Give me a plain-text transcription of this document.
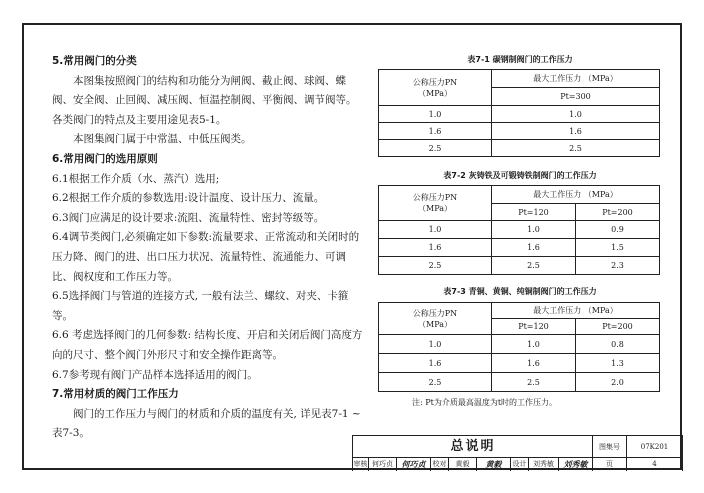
5.常用阀门的分类

本图集按照阀门的结构和功能分为闸阀、截止阀、球阀、蝶阀、安全阀、止回阀、减压阀、恒温控制阀、平衡阀、调节阀等。各类阀门的特点及主要用途见表5-1。

本图集阀门属于中常温、中低压阀类。

6.常用阀门的选用原则

6.1根据工作介质（水、蒸汽）选用;

6.2根据工作介质的参数选用:设计温度、设计压力、流量。

6.3阀门应满足的设计要求:流阻、流量特性、密封等级等。

6.4调节类阀门,必须确定如下参数:流量要求、正常流动和关闭时的压力降、阀门的进、出口压力状况、流量特性、流通能力、可调比、阀权度和工作压力等。

6.5选择阀门与管道的连接方式, 一般有法兰、螺纹、对夹、卡箍等。

6.6 考虑选择阀门的几何参数: 结构长度、开启和关闭后阀门高度方向的尺寸、整个阀门外形尺寸和安全操作距离等。

6.7参考现有阀门产品样本选择适用的阀门。

7.常用材质的阀门工作压力

阀门的工作压力与阀门的材质和介质的温度有关, 详见表7-1 ~ 表7-3。

表7-1 碳钢制阀门的工作压力
公称压力PN
（MPa）	最大工作压力 （MPa）
	Pt=300
1.0	1.0
1.6	1.6
2.5	2.5
表7-2 灰铸铁及可锻铸铁制阀门的工作压力
公称压力PN
（MPa）	最大工作压力 （MPa）	
	Pt=120	Pt=200
1.0	1.0	0.9
1.6	1.6	1.5
2.5	2.5	2.3
表7-3 青铜、黄铜、纯铜制阀门的工作压力
公称压力PN
（MPa）	最大工作压力 （MPa）	
	Pt=120	Pt=200
1.0	1.0	0.8
1.6	1.6	1.3
2.5	2.5	2.0
注: Pt为介质最高温度为t时的工作压力。
总说明	图集号	07K201
审核 何巧贞	何巧贞	校对	黄毅	黄毅	设计 刘秀敏	刘秀敏	页	4
